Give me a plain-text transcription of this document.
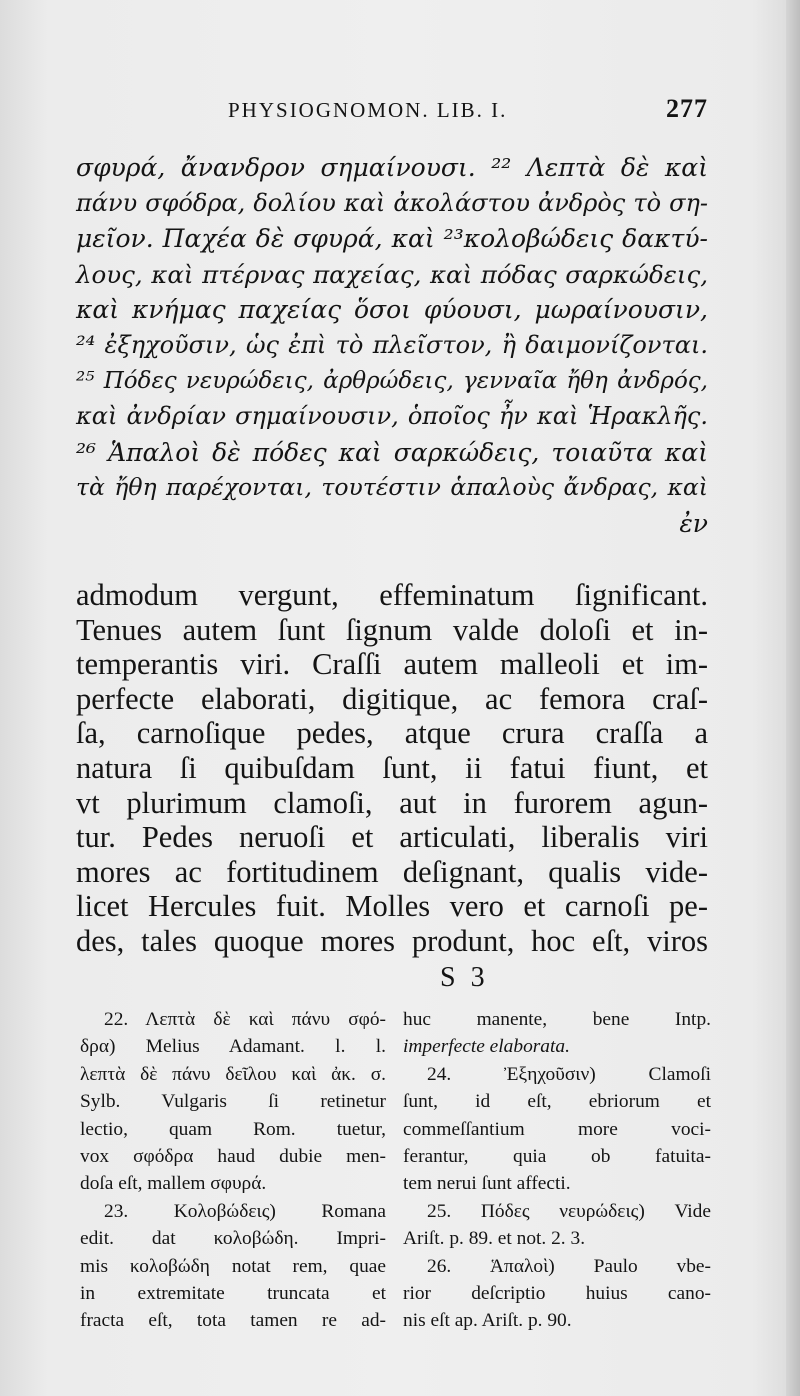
PHYSIOGNOMON. LIB. I.	277
σφυρά, ἄνανδρον σημαίνουσι. ²² Λεπτὰ δὲ καὶ
πάνυ σφόδρα, δολίου καὶ ἀκολάστου ἀνδρὸς τὸ ση-
μεῖον. Παχέα δὲ σφυρά, καὶ ²³κολοβώδεις δακτύ-
λους, καὶ πτέρνας παχείας, καὶ πόδας σαρκώδεις,
καὶ κνήμας παχείας ὅσοι φύουσι, μωραίνουσιν,
²⁴ ἐξηχοῦσιν, ὡς ἐπὶ τὸ πλεῖστον, ἢ δαιμονίζονται.
²⁵ Πόδες νευρώδεις, ἀρθρώδεις, γενναῖα ἤθη ἀνδρός,
καὶ ἀνδρίαν σημαίνουσιν, ὁποῖος ἦν καὶ Ἡρακλῆς.
²⁶ Ἁπαλοὶ δὲ πόδες καὶ σαρκώδεις, τοιαῦτα καὶ
τὰ ἤθη παρέχονται, τουτέστιν ἁπαλοὺς ἄνδρας, καὶ
ἐν
admodum vergunt, effeminatum ſignificant.
Tenues autem ſunt ſignum valde doloſi et in-
temperantis viri. Craſſi autem malleoli et im-
perfecte elaborati, digitique, ac femora craſ-
ſa, carnoſique pedes, atque crura craſſa a
natura ſi quibuſdam ſunt, ii fatui fiunt, et
vt plurimum clamoſi, aut in furorem agun-
tur. Pedes neruoſi et articulati, liberalis viri
mores ac fortitudinem deſignant, qualis vide-
licet Hercules fuit. Molles vero et carnoſi pe-
des, tales quoque mores produnt, hoc eſt, viros
S 3
22. Λεπτὰ δὲ καὶ πάνυ σφό-
δρα) Melius Adamant. l. l.
λεπτὰ δὲ πάνυ δεῖλου καὶ ἀκ. σ.
Sylb. Vulgaris ſi retinetur
lectio, quam Rom. tuetur,
vox σφόδρα haud dubie men-
doſa eſt, mallem σφυρά.
23. Κολοβώδεις) Romana
edit. dat κολοβώδη. Impri-
mis κολοβώδη notat rem, quae
in extremitate truncata et
fracta eſt, tota tamen re ad-
huc manente, bene Intp.
imperfecte elaborata.
24. Ἐξηχοῦσιν) Clamoſi
ſunt, id eſt, ebriorum et
commeſſantium more voci-
ferantur, quia ob fatuita-
tem nerui ſunt affecti.
25. Πόδες νευρώδεις) Vide
Ariſt. p. 89. et not. 2. 3.
26. Ἁπαλοὶ) Paulo vbe-
rior deſcriptio huius cano-
nis eſt ap. Ariſt. p. 90.
